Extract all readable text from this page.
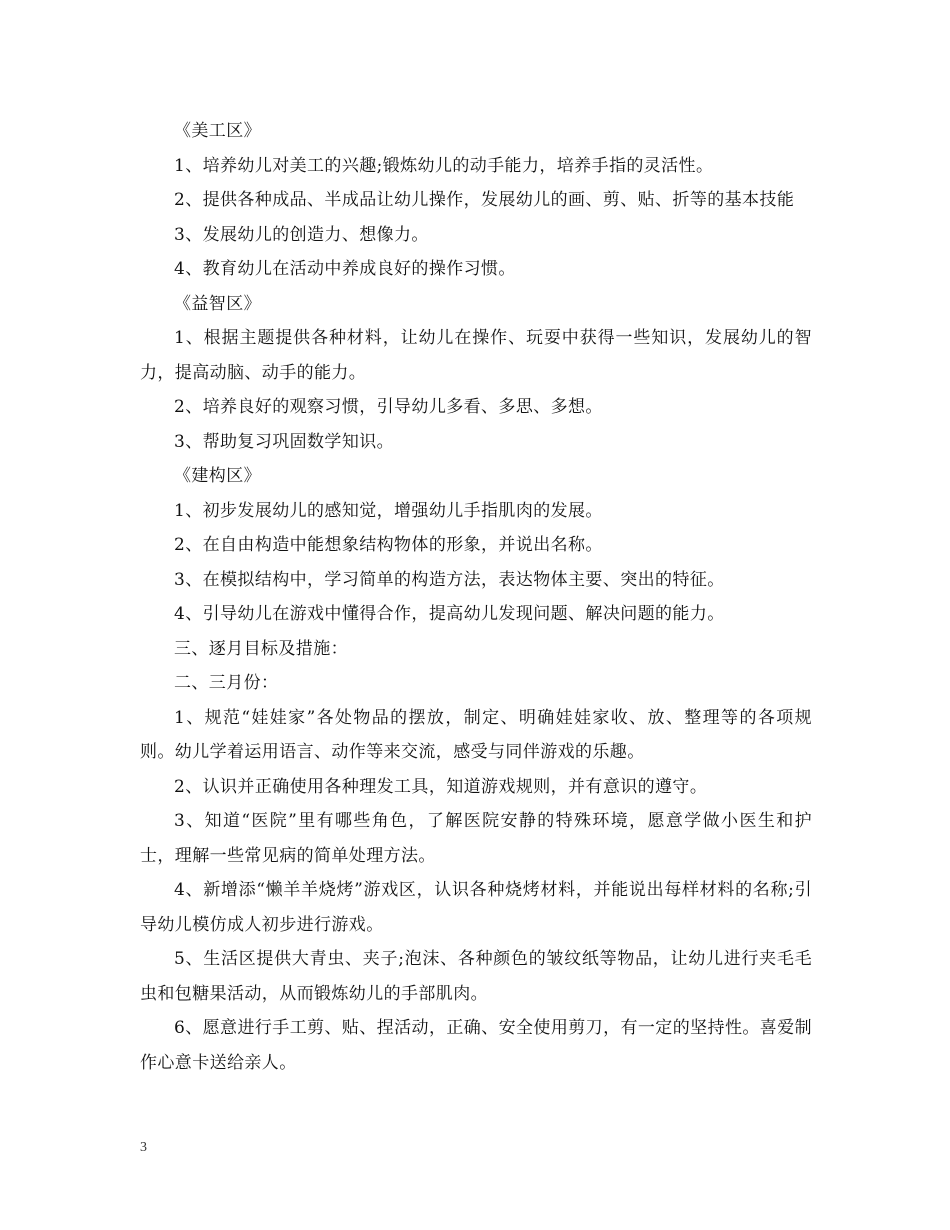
《美工区》

1、培养幼儿对美工的兴趣;锻炼幼儿的动手能力，培养手指的灵活性。

2、提供各种成品、半成品让幼儿操作，发展幼儿的画、剪、贴、折等的基本技能

3、发展幼儿的创造力、想像力。

4、教育幼儿在活动中养成良好的操作习惯。

《益智区》

1、根据主题提供各种材料，让幼儿在操作、玩耍中获得一些知识，发展幼儿的智力，提高动脑、动手的能力。

2、培养良好的观察习惯，引导幼儿多看、多思、多想。

3、帮助复习巩固数学知识。

《建构区》

1、初步发展幼儿的感知觉，增强幼儿手指肌肉的发展。

2、在自由构造中能想象结构物体的形象，并说出名称。

3、在模拟结构中，学习简单的构造方法，表达物体主要、突出的特征。

4、引导幼儿在游戏中懂得合作，提高幼儿发现问题、解决问题的能力。

三、逐月目标及措施：

二、三月份：

1、规范“娃娃家”各处物品的摆放，制定、明确娃娃家收、放、整理等的各项规则。幼儿学着运用语言、动作等来交流，感受与同伴游戏的乐趣。

2、认识并正确使用各种理发工具，知道游戏规则，并有意识的遵守。

3、知道“医院”里有哪些角色，了解医院安静的特殊环境，愿意学做小医生和护士，理解一些常见病的简单处理方法。

4、新增添“懒羊羊烧烤”游戏区，认识各种烧烤材料，并能说出每样材料的名称;引导幼儿模仿成人初步进行游戏。

5、生活区提供大青虫、夹子;泡沫、各种颜色的皱纹纸等物品，让幼儿进行夹毛毛虫和包糖果活动，从而锻炼幼儿的手部肌肉。

6、愿意进行手工剪、贴、捏活动，正确、安全使用剪刀，有一定的坚持性。喜爱制作心意卡送给亲人。

3
